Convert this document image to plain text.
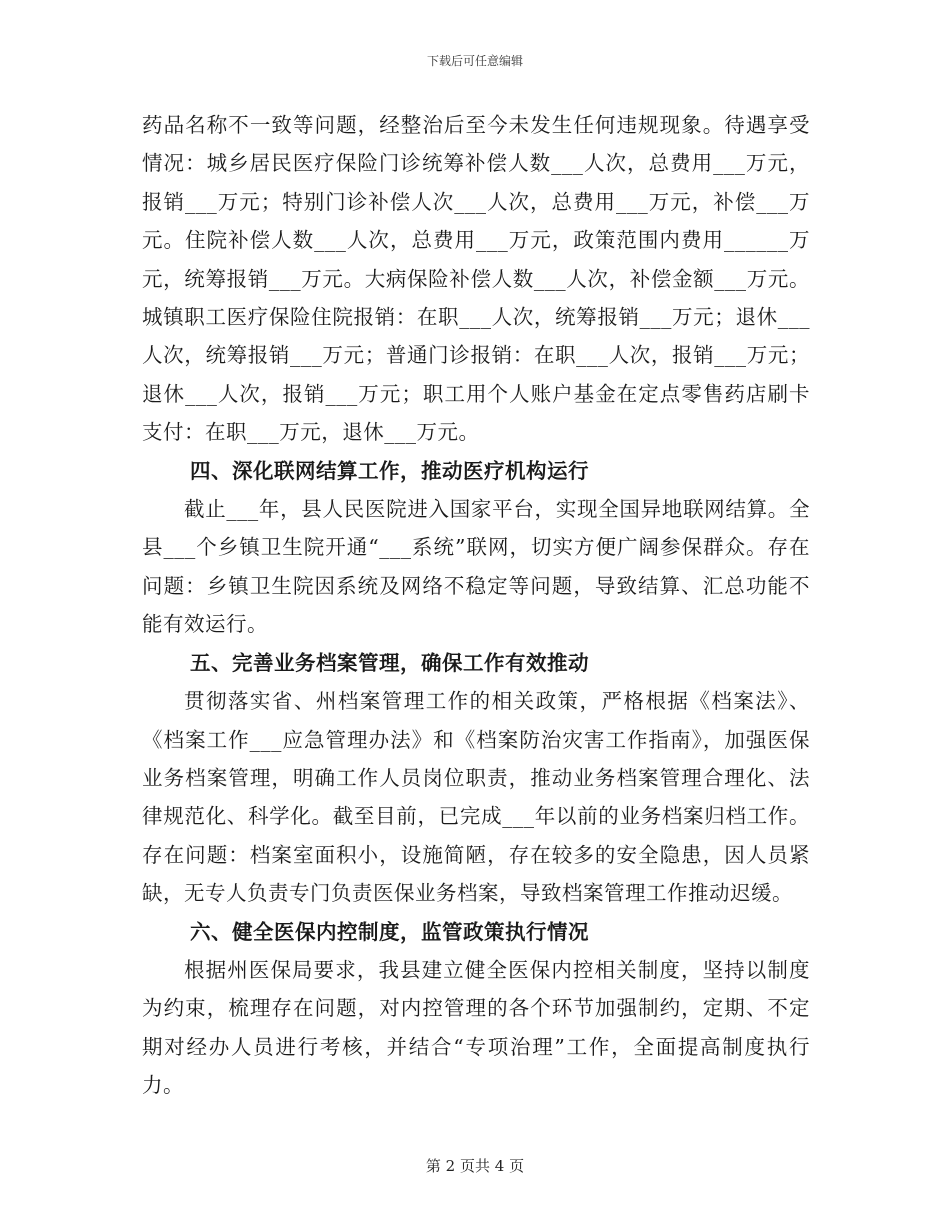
下载后可任意编辑

药品名称不一致等问题，经整治后至今未发生任何违规现象。待遇享受情况：城乡居民医疗保险门诊统筹补偿人数___人次，总费用___万元，报销___万元；特别门诊补偿人次___人次，总费用___万元，补偿___万元。住院补偿人数___人次，总费用___万元，政策范围内费用______万元，统筹报销___万元。大病保险补偿人数___人次，补偿金额___万元。城镇职工医疗保险住院报销：在职___人次，统筹报销___万元；退休___人次，统筹报销___万元；普通门诊报销：在职___人次，报销___万元；退休___人次，报销___万元；职工用个人账户基金在定点零售药店刷卡支付：在职___万元，退休___万元。

四、深化联网结算工作，推动医疗机构运行

截止___年，县人民医院进入国家平台，实现全国异地联网结算。全县___个乡镇卫生院开通“___系统”联网，切实方便广阔参保群众。存在问题：乡镇卫生院因系统及网络不稳定等问题，导致结算、汇总功能不能有效运行。

五、完善业务档案管理，确保工作有效推动

贯彻落实省、州档案管理工作的相关政策，严格根据《档案法》、《档案工作___应急管理办法》和《档案防治灾害工作指南》，加强医保业务档案管理，明确工作人员岗位职责，推动业务档案管理合理化、法律规范化、科学化。截至目前，已完成___年以前的业务档案归档工作。存在问题：档案室面积小，设施简陋，存在较多的安全隐患，因人员紧缺，无专人负责专门负责医保业务档案，导致档案管理工作推动迟缓。

六、健全医保内控制度，监管政策执行情况

根据州医保局要求，我县建立健全医保内控相关制度，坚持以制度为约束，梳理存在问题，对内控管理的各个环节加强制约，定期、不定期对经办人员进行考核，并结合“专项治理”工作，全面提高制度执行力。

第 2 页共 4 页
